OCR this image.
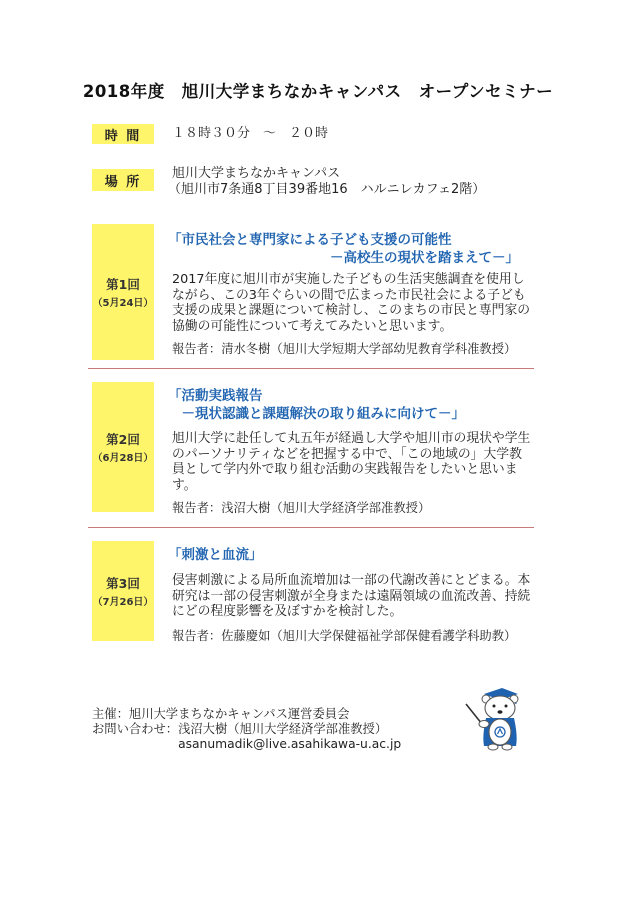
2018年度　旭川大学まちなかキャンパス　オープンセミナー
時 間	１８時３０分　～　２０時
場 所
旭川大学まちなかキャンパス
（旭川市7条通8丁目39番地16　ハルニレカフェ2階）
第1回
（5月24日）
「市民社会と専門家による子ども支援の可能性
　　　　　　　　　　　　－高校生の現状を踏まえて－」
2017年度に旭川市が実施した子どもの生活実態調査を使用しながら、この3年ぐらいの間で広まった市民社会による子ども支援の成果と課題について検討し、このまちの市民と専門家の協働の可能性について考えてみたいと思います。
報告者：清水冬樹（旭川大学短期大学部幼児教育学科准教授）
第2回
（6月28日）
「活動実践報告
　－現状認識と課題解決の取り組みに向けて－」
旭川大学に赴任して丸五年が経過し大学や旭川市の現状や学生のパーソナリティなどを把握する中で、「この地域の」大学教員として学内外で取り組む活動の実践報告をしたいと思います。
報告者：浅沼大樹（旭川大学経済学部准教授）
第3回
（7月26日）
「刺激と血流」
侵害刺激による局所血流増加は一部の代謝改善にとどまる。本研究は一部の侵害刺激が全身または遠隔領域の血流改善、持続にどの程度影響を及ぼすかを検討した。
報告者：佐藤慶如（旭川大学保健福祉学部保健看護学科助教）
主催：旭川大学まちなかキャンパス運営委員会
お問い合わせ：浅沼大樹（旭川大学経済学部准教授）
　　　　　　　asanumadik@live.asahikawa-u.ac.jp
